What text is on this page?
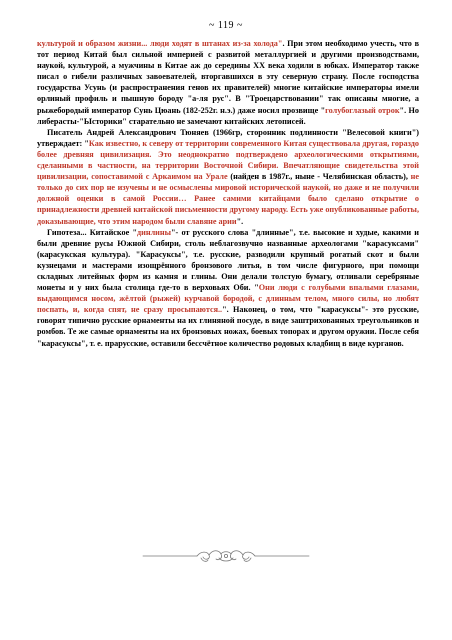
~ 119 ~

культурой и образом жизни... люди ходят в штанах из-за холода". При этом необходимо учесть, что в тот период Китай был сильной империей с развитой металлургией и другими производствами, наукой, культурой, а мужчины в Китае аж до середины XX века ходили в юбках. Император также писал о гибели различных завоевателей, вторгавшихся в эту северную страну. После господства государства Усунь (и распространения генов их правителей) многие китайские императоры имели орлиный профиль и пышную бороду "а-ля рус". В "Троецарствовании" так описаны многие, а рыжебородый император Сунь Цюань (182-252г. н.э.) даже носил прозвище "голубоглазый отрок". Но либерасты-"Ысторики" старательно не замечают китайских летописей.

Писатель Андрей Александрович Тюняев (1966гр, сторонник подлинности "Велесовой книги") утверждает: "Как известно, к северу от территории современного Китая существовала другая, гораздо более древняя цивилизация. Это неоднократно подтверждено археологическими открытиями, сделанными в частности, на территории Восточной Сибири. Впечатляющие свидетельства этой цивилизации, сопоставимой с Аркаимом на Урале (найден в 1987г., ныне - Челябинская область), не только до сих пор не изучены и не осмыслены мировой исторической наукой, но даже и не получили должной оценки в самой России… Ранее самими китайцами было сделано открытие о принадлежности древней китайской письменности другому народу. Есть уже опубликованные работы, доказывающие, что этим народом были славяне арии".

Гипотеза... Китайское "динлины"- от русского слова "длинные", т.е. высокие и худые, какими и были древние русы Южной Сибири, столь неблагозвучно названные археологами "карасуксами" (карасукская культура). "Карасуксы", т.е. русские, разводили крупный рогатый скот и были кузнецами и мастерами изощрённого бронзового литья, в том числе фигурного, при помощи складных литейных форм из камня и глины. Они делали толстую бумагу, отливали серебряные монеты и у них была столица где-то в верховьях Оби. "Они люди с голубыми впалыми глазами, выдающимся носом, жёлтой (рыжей) курчавой бородой, с длинным телом, много силы, но любят поспать, и, когда спят, не сразу просыпаются..". Наконец, о том, что "карасуксы"- это русские, говорят типично русские орнаменты на их глиняной посуде, в виде заштрихованных треугольников и ромбов. Те же самые орнаменты на их бронзовых ножах, боевых топорах и другом оружии. После себя "карасуксы", т. е. прарусские, оставили бессчётное количество родовых кладбищ в виде курганов.
